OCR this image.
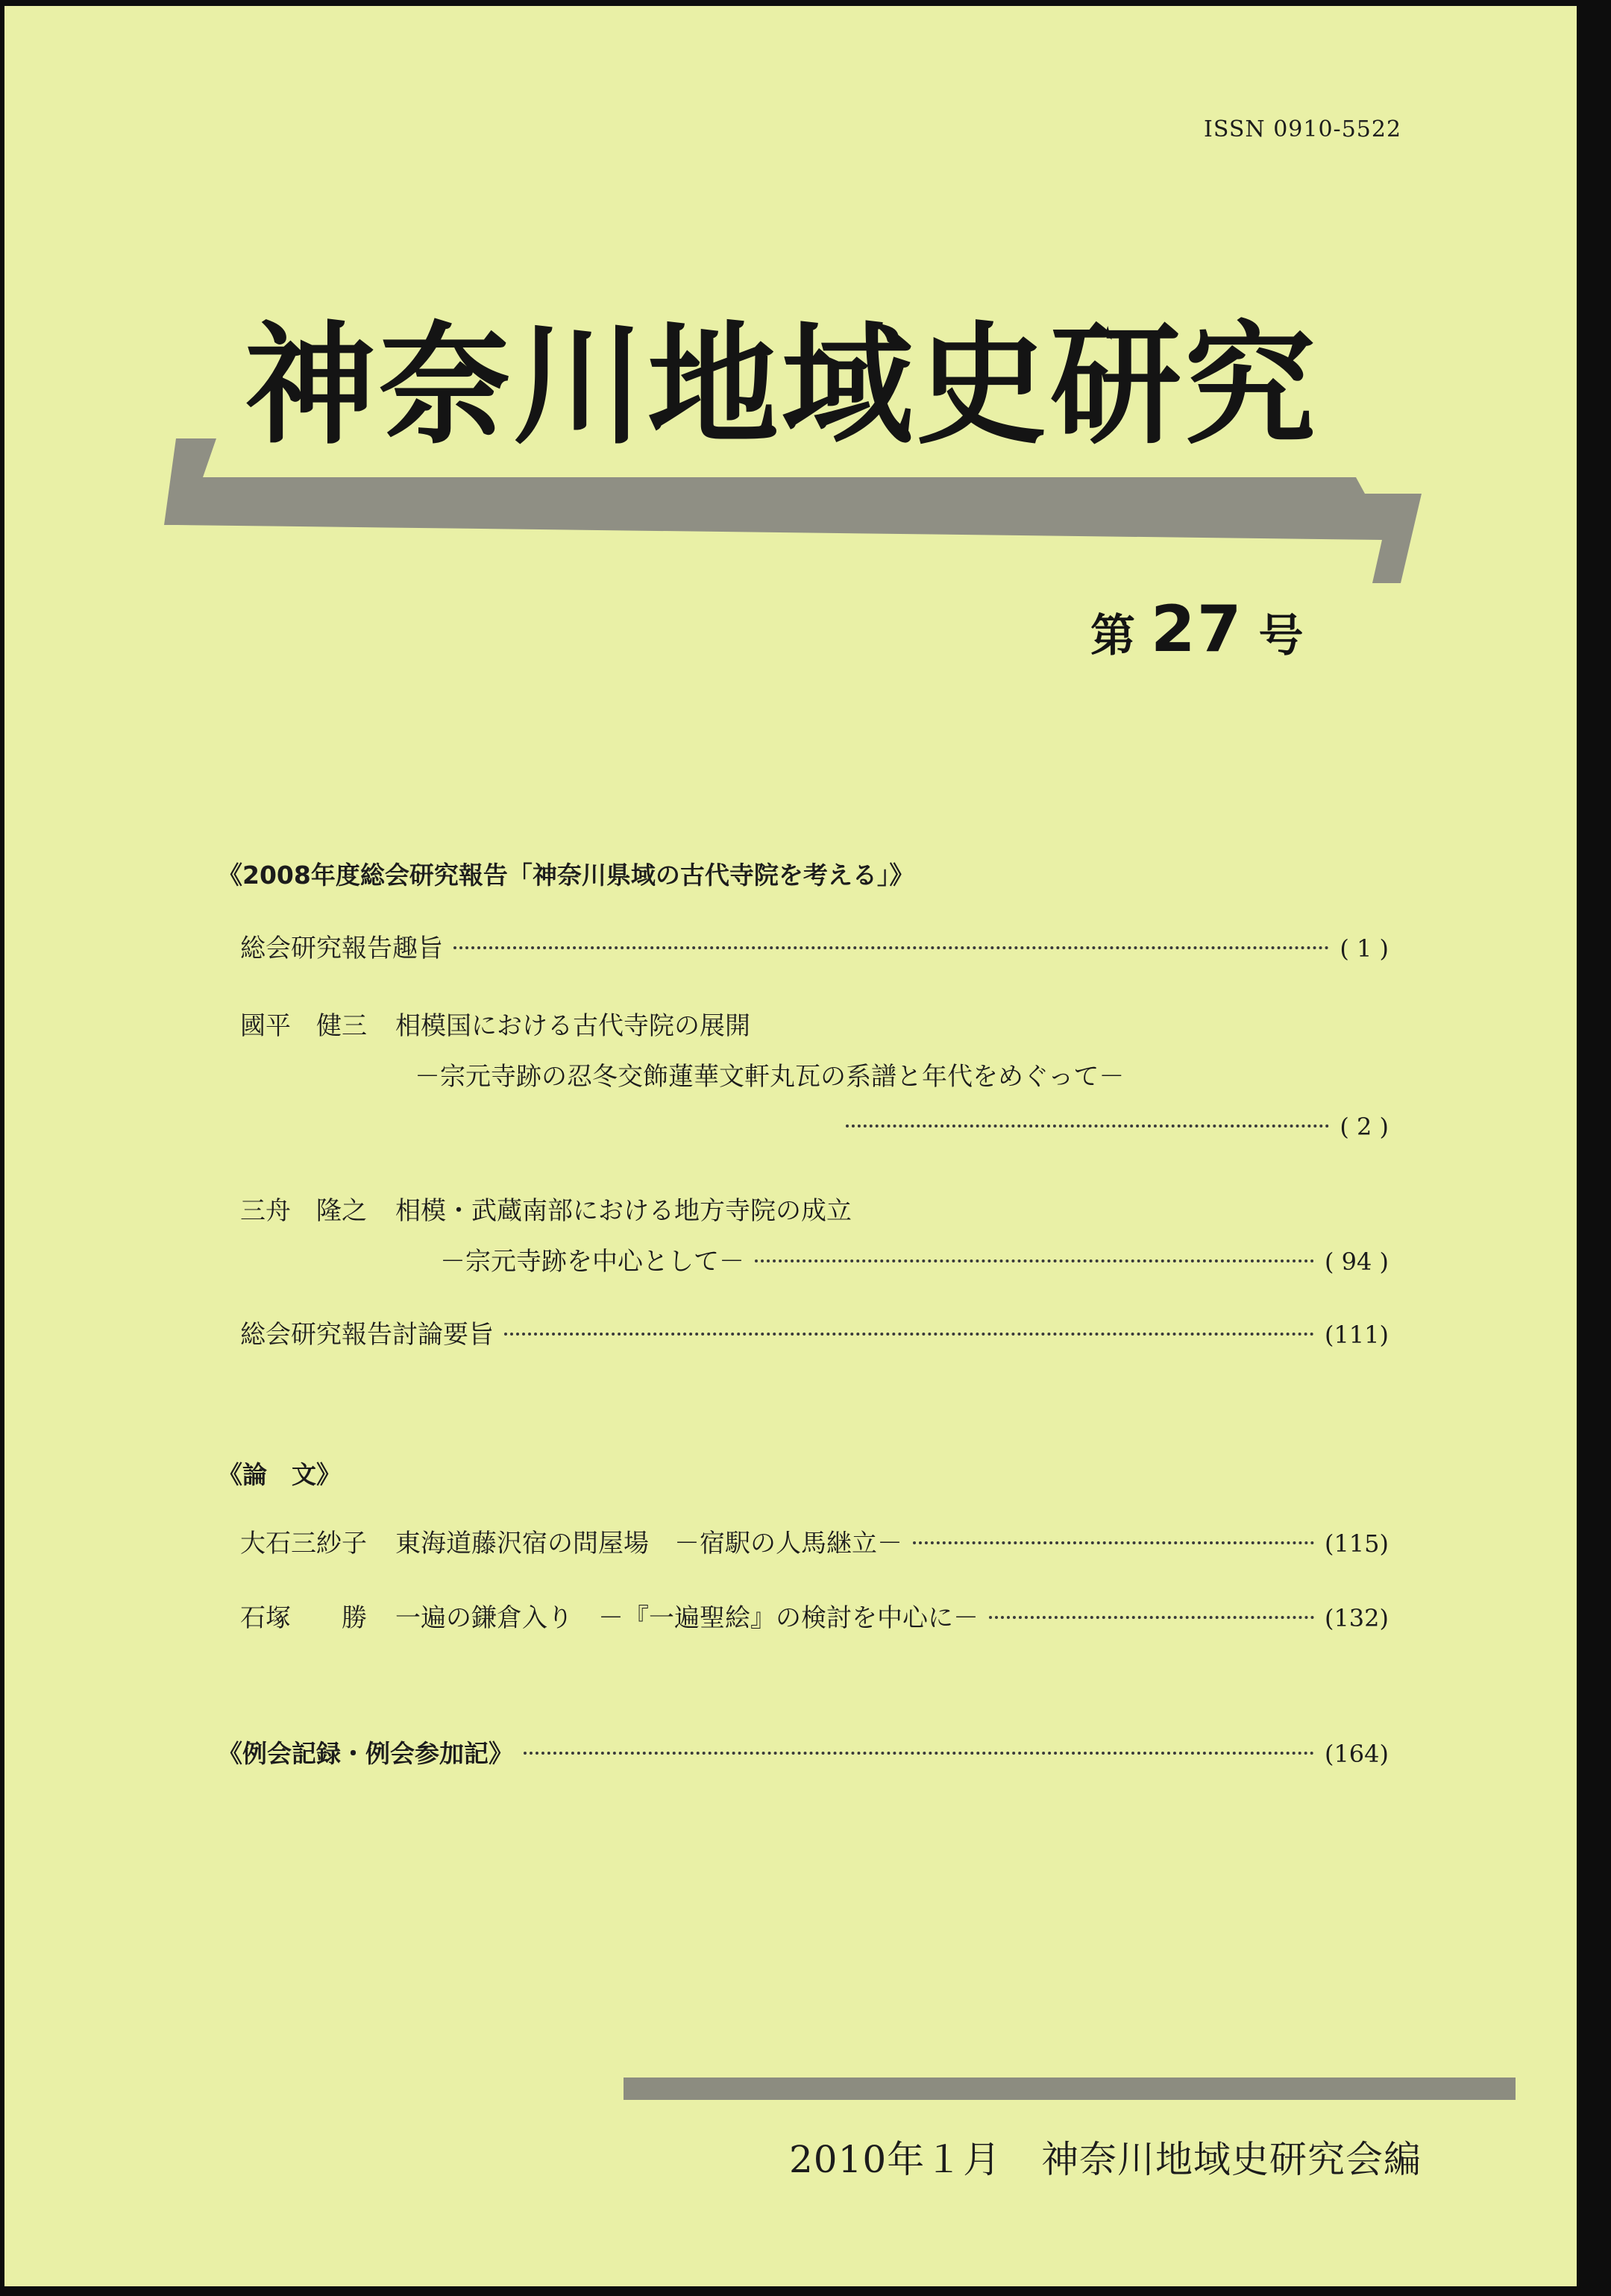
ISSN 0910-5522
神奈川地域史研究
第 27 号
《2008年度総会研究報告「神奈川県域の古代寺院を考える」》
総会研究報告趣旨	( 1 )
國平　健三 相模国における古代寺院の展開
－宗元寺跡の忍冬交飾蓮華文軒丸瓦の系譜と年代をめぐって－
( 2 )
三舟　隆之 相模・武蔵南部における地方寺院の成立
－宗元寺跡を中心として－	( 94 )
総会研究報告討論要旨	(111)
《論　文》
大石三紗子 東海道藤沢宿の問屋場　－宿駅の人馬継立－	(115)
石塚　　勝 一遍の鎌倉入り　－『一遍聖絵』の検討を中心に－	(132)
《例会記録・例会参加記》	(164)
2010年１月 神奈川地域史研究会編
